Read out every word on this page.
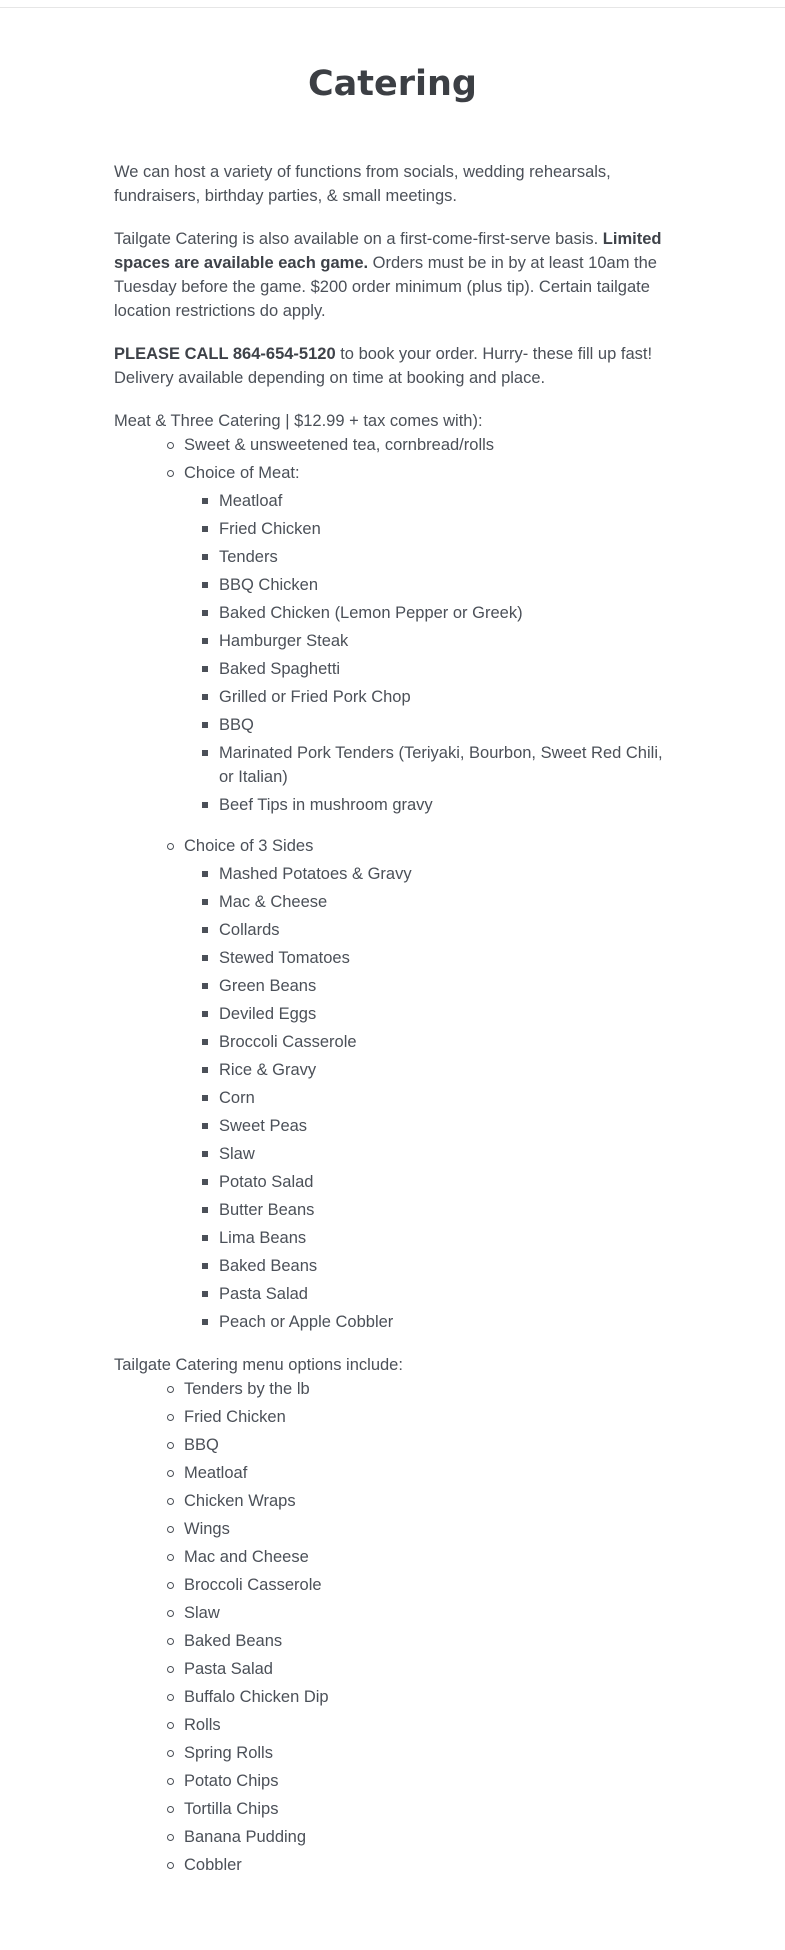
Catering

We can host a variety of functions from socials, wedding rehearsals, fundraisers, birthday parties, & small meetings.

Tailgate Catering is also available on a first-come-first-serve basis. Limited spaces are available each game. Orders must be in by at least 10am the Tuesday before the game. $200 order minimum (plus tip). Certain tailgate location restrictions do apply.

PLEASE CALL 864-654-5120 to book your order. Hurry- these fill up fast! Delivery available depending on time at booking and place.

Meat & Three Catering | $12.99 + tax comes with):

Sweet & unsweetened tea, cornbread/rolls
Choice of Meat:
Meatloaf
Fried Chicken
Tenders
BBQ Chicken
Baked Chicken (Lemon Pepper or Greek)
Hamburger Steak
Baked Spaghetti
Grilled or Fried Pork Chop
BBQ
Marinated Pork Tenders (Teriyaki, Bourbon, Sweet Red Chili, or Italian)
Beef Tips in mushroom gravy
Choice of 3 Sides
Mashed Potatoes & Gravy
Mac & Cheese
Collards
Stewed Tomatoes
Green Beans
Deviled Eggs
Broccoli Casserole
Rice & Gravy
Corn
Sweet Peas
Slaw
Potato Salad
Butter Beans
Lima Beans
Baked Beans
Pasta Salad
Peach or Apple Cobbler

Tailgate Catering menu options include:

Tenders by the lb
Fried Chicken
BBQ
Meatloaf
Chicken Wraps
Wings
Mac and Cheese
Broccoli Casserole
Slaw
Baked Beans
Pasta Salad
Buffalo Chicken Dip
Rolls
Spring Rolls
Potato Chips
Tortilla Chips
Banana Pudding
Cobbler
